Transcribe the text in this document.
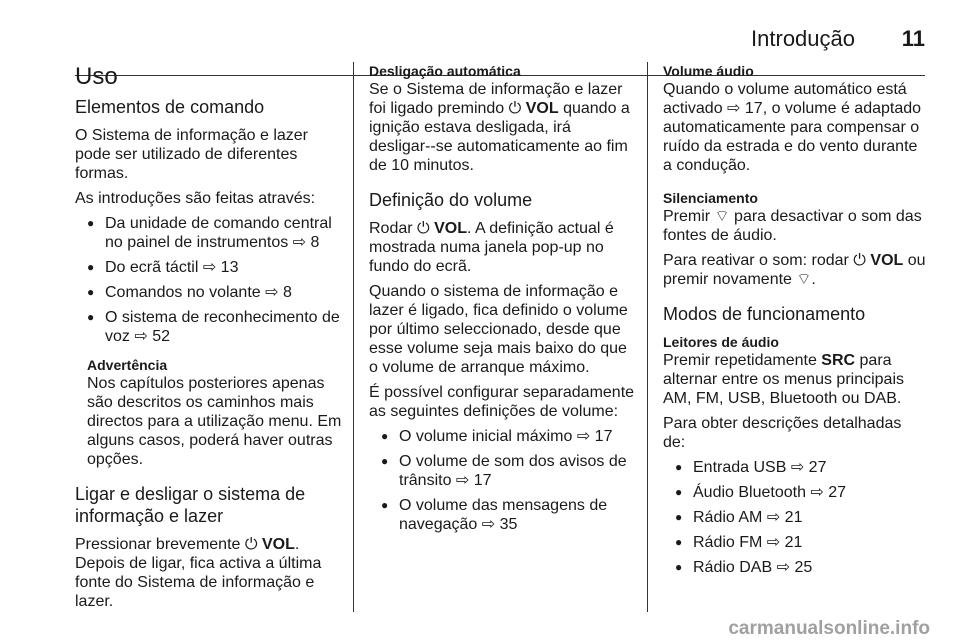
Introdução 11
Uso
Elementos de comando

O Sistema de informação e lazer pode ser utilizado de diferentes formas.

As introduções são feitas através:

● Da unidade de comando central no painel de instrumentos ⇨ 8
● Do ecrã táctil ⇨ 13
● Comandos no volante ⇨ 8
● O sistema de reconhecimento de voz ⇨ 52
Advertência

Nos capítulos posteriores apenas são descritos os caminhos mais directos para a utilização menu. Em alguns casos, poderá haver outras opções.

Ligar e desligar o sistema de informação e lazer

Pressionar brevemente ⏻ VOL. Depois de ligar, fica activa a última fonte do Sistema de informação e lazer.

Desligação automática

Se o Sistema de informação e lazer foi ligado premindo ⏻ VOL quando a ignição estava desligada, irá desligar--se automaticamente ao fim de 10 minutos.

Definição do volume

Rodar ⏻ VOL. A definição actual é mostrada numa janela pop-up no fundo do ecrã.

Quando o sistema de informação e lazer é ligado, fica definido o volume por último seleccionado, desde que esse volume seja mais baixo do que o volume de arranque máximo.

É possível configurar separadamente as seguintes definições de volume:

● O volume inicial máximo ⇨ 17
● O volume de som dos avisos de trânsito ⇨ 17
● O volume das mensagens de navegação ⇨ 35
Volume áudio

Quando o volume automático está activado ⇨ 17, o volume é adaptado automaticamente para compensar o ruído da estrada e do vento durante a condução.

Silenciamento

Premir ⌔ para desactivar o som das fontes de áudio.

Para reativar o som: rodar ⏻ VOL ou premir novamente ⌔.

Modos de funcionamento
Leitores de áudio

Premir repetidamente SRC para alternar entre os menus principais AM, FM, USB, Bluetooth ou DAB.

Para obter descrições detalhadas de:

● Entrada USB ⇨ 27
● Áudio Bluetooth ⇨ 27
● Rádio AM ⇨ 21
● Rádio FM ⇨ 21
● Rádio DAB ⇨ 25
carmanualsonline.info
